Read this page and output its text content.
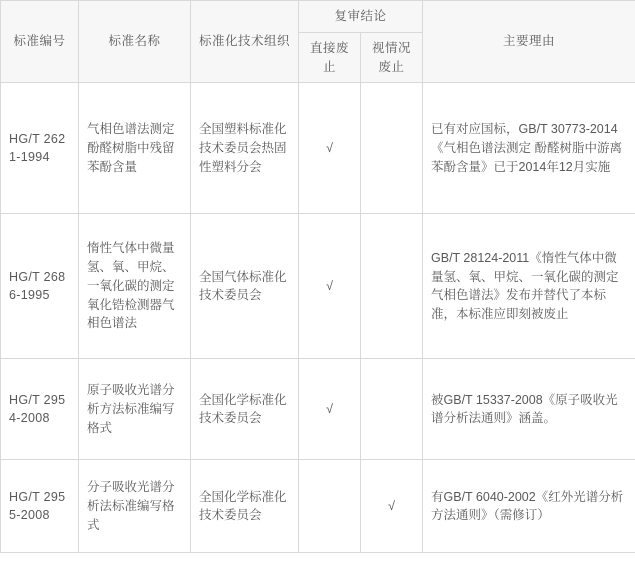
标准编号	标准名称	标准化技术组织	复审结论		主要理由
			直接废止	视情况废止	
HG/T 2621-1994	气相色谱法测定酚醛树脂中残留苯酚含量	全国塑料标准化技术委员会热固性塑料分会	√		已有对应国标，GB/T 30773-2014《气相色谱法测定 酚醛树脂中游离苯酚含量》已于2014年12月实施
HG/T 2686-1995	惰性气体中微量氢、氧、甲烷、一氧化碳的测定 氧化锆检测器气相色谱法	全国气体标准化技术委员会	√		GB/T 28124-2011《惰性气体中微量氢、氧、甲烷、一氧化碳的测定 气相色谱法》发布并替代了本标准，本标准应即刻被废止
HG/T 2954-2008	原子吸收光谱分析方法标准编写格式	全国化学标准化技术委员会	√		被GB/T 15337-2008《原子吸收光谱分析法通则》涵盖。
HG/T 2955-2008	分子吸收光谱分析法标准编写格式	全国化学标准化技术委员会		√	有GB/T 6040-2002《红外光谱分析方法通则》（需修订）
